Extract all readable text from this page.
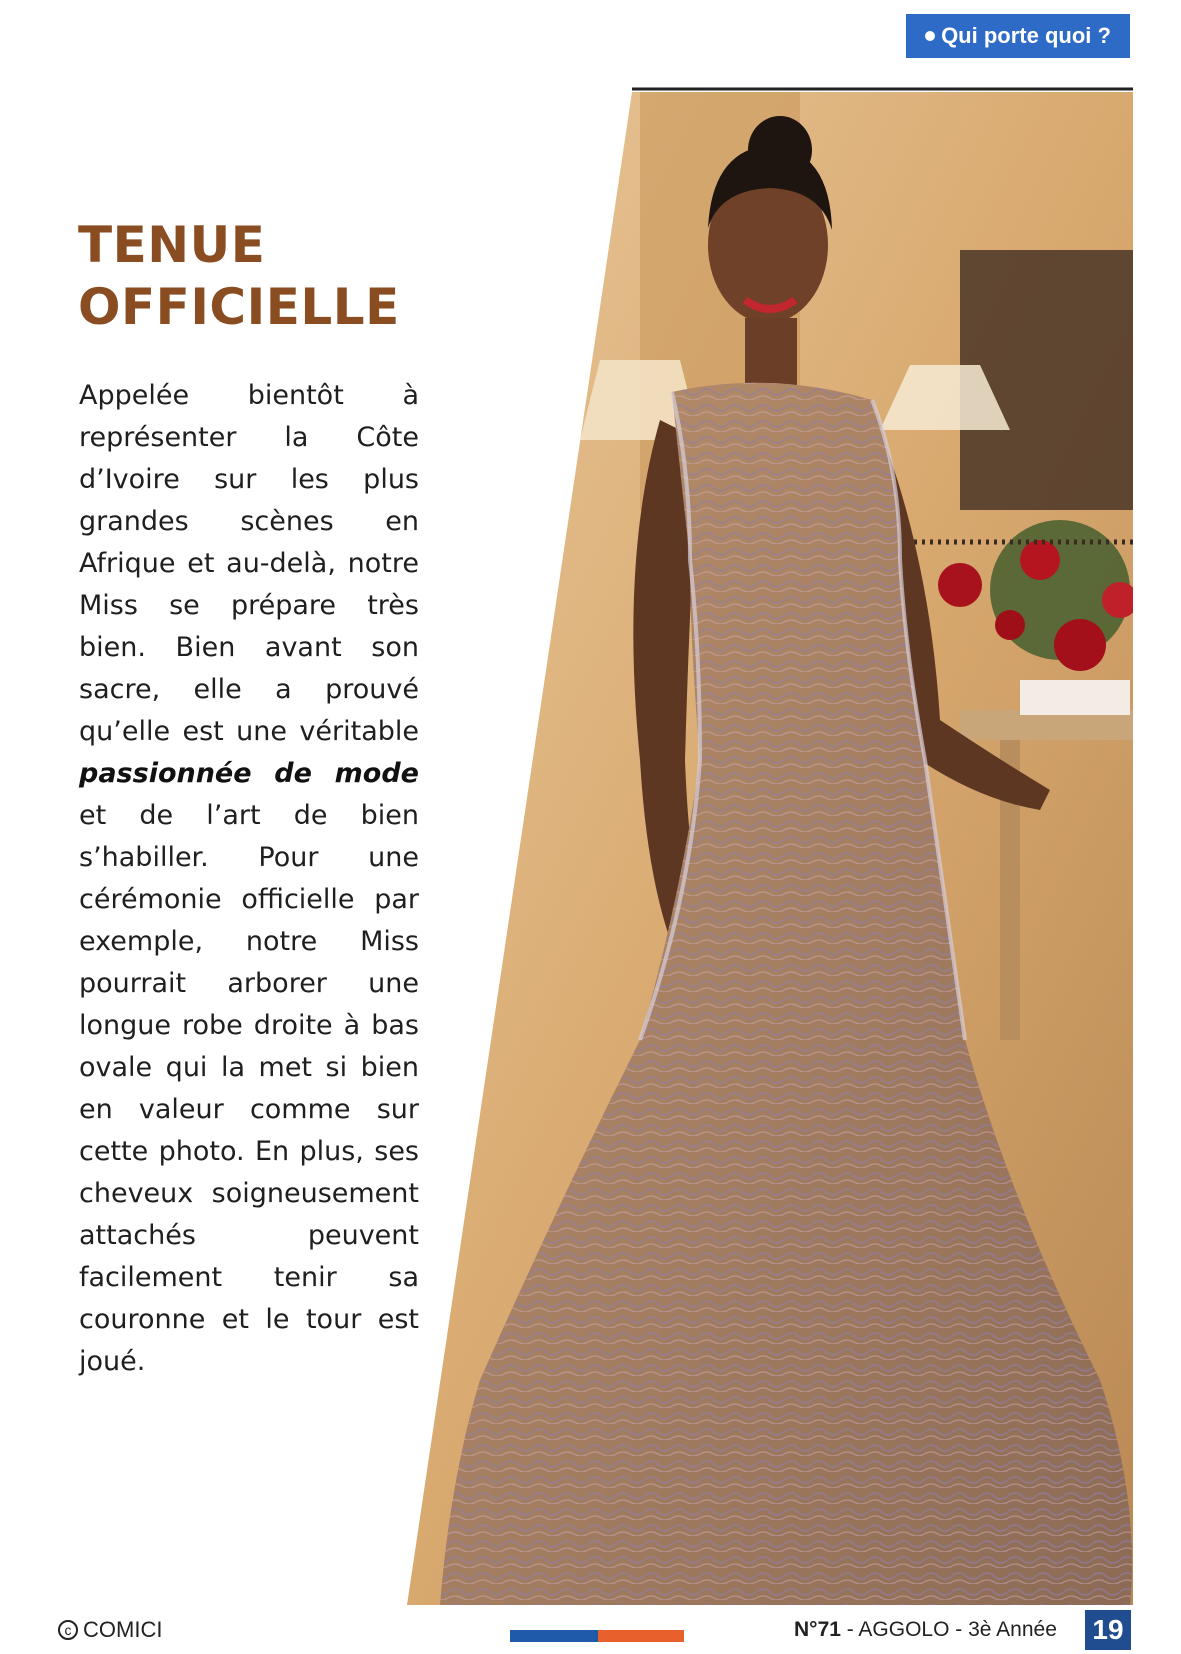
Qui porte quoi ?
TENUE
OFFICIELLE

Appelée bientôt à représenter la Côte d’Ivoire sur les plus grandes scènes en Afrique et au-delà, notre Miss se prépare très bien. Bien avant son sacre, elle a prouvé qu’elle est une véritable passionnée de mode et de l’art de bien s’habiller. Pour une cérémonie officielle par exemple, notre Miss pourrait arborer une longue robe droite à bas ovale qui la met si bien en valeur comme sur cette photo. En plus, ses cheveux soigneusement attachés peuvent facilement tenir sa couronne et le tour est joué.

c COMICI	N°71 - AGGOLO - 3è Année 19
